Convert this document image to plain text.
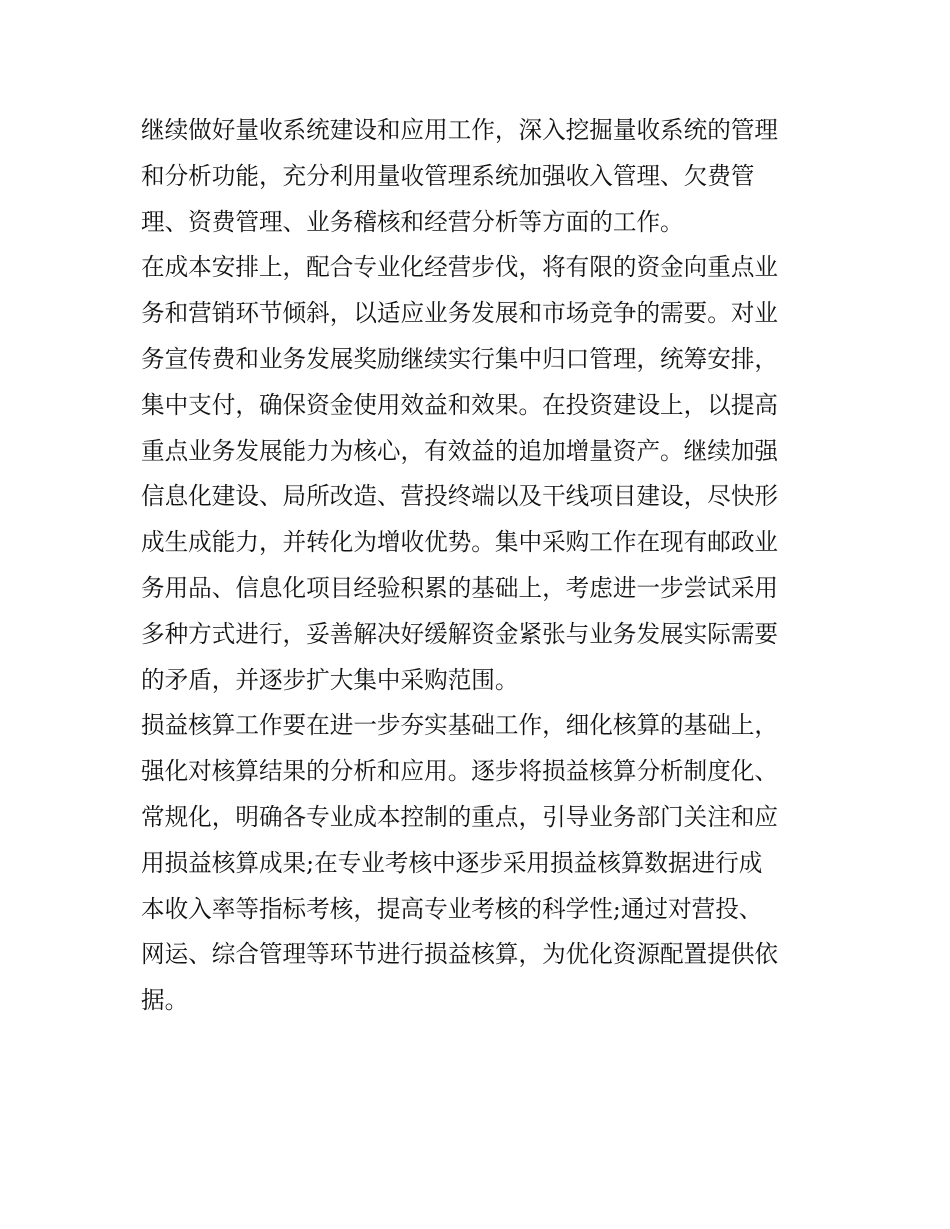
继续做好量收系统建设和应用工作，深入挖掘量收系统的管理
和分析功能，充分利用量收管理系统加强收入管理、欠费管
理、资费管理、业务稽核和经营分析等方面的工作。
在成本安排上，配合专业化经营步伐，将有限的资金向重点业
务和营销环节倾斜，以适应业务发展和市场竞争的需要。对业
务宣传费和业务发展奖励继续实行集中归口管理，统筹安排，
集中支付，确保资金使用效益和效果。在投资建设上，以提高
重点业务发展能力为核心，有效益的追加增量资产。继续加强
信息化建设、局所改造、营投终端以及干线项目建设，尽快形
成生成能力，并转化为增收优势。集中采购工作在现有邮政业
务用品、信息化项目经验积累的基础上，考虑进一步尝试采用
多种方式进行，妥善解决好缓解资金紧张与业务发展实际需要
的矛盾，并逐步扩大集中采购范围。
损益核算工作要在进一步夯实基础工作，细化核算的基础上，
强化对核算结果的分析和应用。逐步将损益核算分析制度化、
常规化，明确各专业成本控制的重点，引导业务部门关注和应
用损益核算成果;在专业考核中逐步采用损益核算数据进行成
本收入率等指标考核，提高专业考核的科学性;通过对营投、
网运、综合管理等环节进行损益核算，为优化资源配置提供依
据。
